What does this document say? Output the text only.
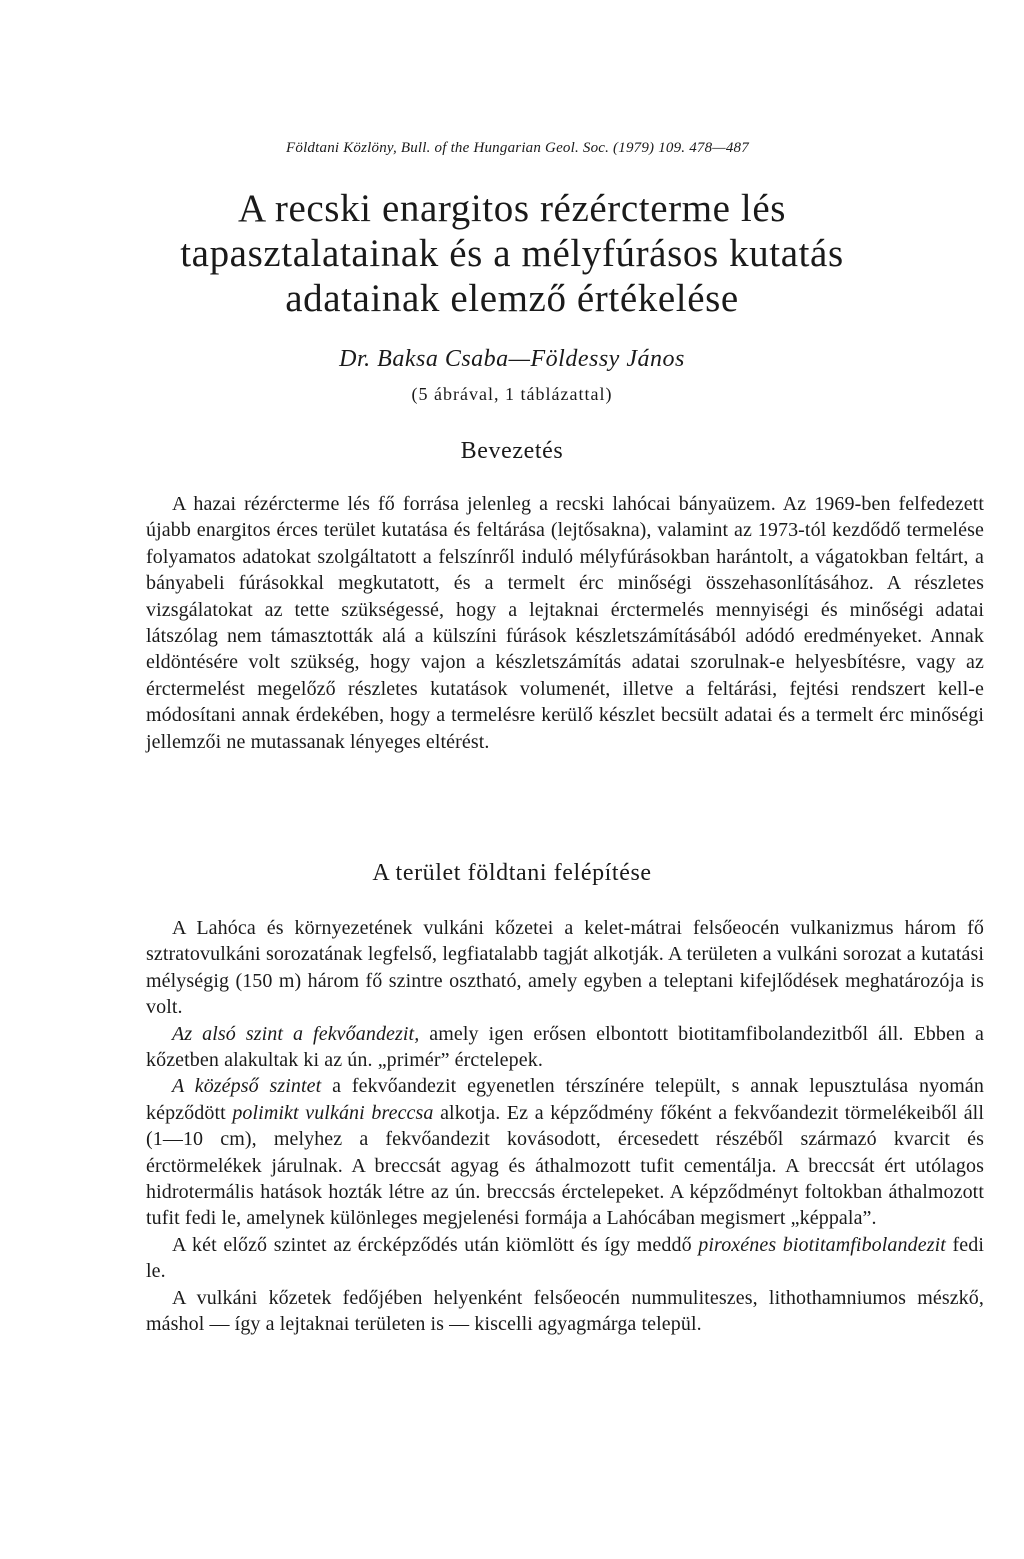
Földtani Közlöny, Bull. of the Hungarian Geol. Soc. (1979) 109. 478—487
A recski enargitos rézércterme lés tapasztalatainak és a mélyfúrásos kutatás adatainak elemző értékelése
Dr. Baksa Csaba—Földessy János
(5 ábrával, 1 táblázattal)
Bevezetés

A hazai rézércterme lés fő forrása jelenleg a recski lahócai bányaüzem. Az 1969-ben felfedezett újabb enargitos érces terület kutatása és feltárása (lejtősakna), valamint az 1973-tól kezdődő termelése folyamatos adatokat szolgáltatott a felszínről induló mélyfúrásokban harántolt, a vágatokban feltárt, a bányabeli fúrásokkal megkutatott, és a termelt érc minőségi összehasonlításához. A részletes vizsgálatokat az tette szükségessé, hogy a lejtaknai érctermelés mennyiségi és minőségi adatai látszólag nem támasztották alá a külszíni fúrások készletszámításából adódó eredményeket. Annak eldöntésére volt szükség, hogy vajon a készletszámítás adatai szorulnak-e helyesbítésre, vagy az érctermelést megelőző részletes kutatások volumenét, illetve a feltárási, fejtési rendszert kell-e módosítani annak érdekében, hogy a termelésre kerülő készlet becsült adatai és a termelt érc minőségi jellemzői ne mutassanak lényeges eltérést.

A terület földtani felépítése

A Lahóca és környezetének vulkáni kőzetei a kelet-mátrai felsőeocén vulkanizmus három fő sztratovulkáni sorozatának legfelső, legfiatalabb tagját alkotják. A területen a vulkáni sorozat a kutatási mélységig (150 m) három fő szintre osztható, amely egyben a teleptani kifejlődések meghatározója is volt.

Az alsó szint a fekvőandezit, amely igen erősen elbontott biotitamfibolandezitből áll. Ebben a kőzetben alakultak ki az ún. „primér” érctelepek.

A középső szintet a fekvőandezit egyenetlen térszínére települt, s annak lepusztulása nyomán képződött polimikt vulkáni breccsa alkotja. Ez a képződmény főként a fekvőandezit törmelékeiből áll (1—10 cm), melyhez a fekvőandezit kovásodott, ércesedett részéből származó kvarcit és érctörmelékek járulnak. A breccsát agyag és áthalmozott tufit cementálja. A breccsát ért utólagos hidrotermális hatások hozták létre az ún. breccsás érctelepeket. A képződményt foltokban áthalmozott tufit fedi le, amelynek különleges megjelenési formája a Lahócában megismert „képpala”.

A két előző szintet az ércképződés után kiömlött és így meddő piroxénes biotitamfibolandezit fedi le.

A vulkáni kőzetek fedőjében helyenként felsőeocén nummuliteszes, lithothamniumos mészkő, máshol — így a lejtaknai területen is — kiscelli agyagmárga települ.
